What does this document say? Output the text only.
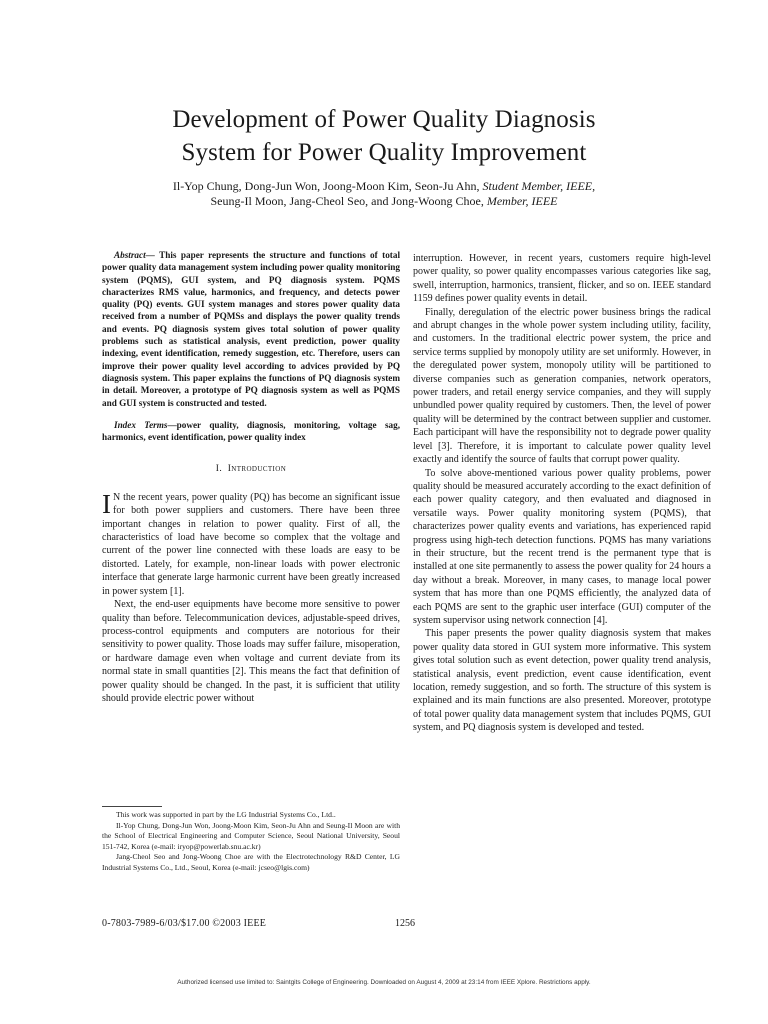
Development of Power Quality Diagnosis
System for Power Quality Improvement
Il-Yop Chung, Dong-Jun Won, Joong-Moon Kim, Seon-Ju Ahn, Student Member, IEEE,
Seung-Il Moon, Jang-Cheol Seo, and Jong-Woong Choe, Member, IEEE

Abstract— This paper represents the structure and functions of total power quality data management system including power quality monitoring system (PQMS), GUI system, and PQ diagnosis system. PQMS characterizes RMS value, harmonics, and frequency, and detects power quality (PQ) events. GUI system manages and stores power quality data received from a number of PQMSs and displays the power quality trends and events. PQ diagnosis system gives total solution of power quality problems such as statistical analysis, event prediction, power quality indexing, event identification, remedy suggestion, etc. Therefore, users can improve their power quality level according to advices provided by PQ diagnosis system. This paper explains the functions of PQ diagnosis system in detail. Moreover, a prototype of PQ diagnosis system as well as PQMS and GUI system is constructed and tested.

Index Terms—power quality, diagnosis, monitoring, voltage sag, harmonics, event identification, power quality index

I. Introduction

I N the recent years, power quality (PQ) has become an significant issue for both power suppliers and customers. There have been three important changes in relation to power quality. First of all, the characteristics of load have become so complex that the voltage and current of the power line connected with these loads are easy to be distorted. Lately, for example, non-linear loads with power electronic interface that generate large harmonic current have been greatly increased in power system [1].

Next, the end-user equipments have become more sensitive to power quality than before. Telecommunication devices, adjustable-speed drives, process-control equipments and computers are notorious for their sensitivity to power quality. Those loads may suffer failure, misoperation, or hardware damage even when voltage and current deviate from its normal state in small quantities [2]. This means the fact that definition of power quality should be changed. In the past, it is sufficient that utility should provide electric power without

interruption. However, in recent years, customers require high-level power quality, so power quality encompasses various categories like sag, swell, interruption, harmonics, transient, flicker, and so on. IEEE standard 1159 defines power quality events in detail.

Finally, deregulation of the electric power business brings the radical and abrupt changes in the whole power system including utility, facility, and customers. In the traditional electric power system, the price and service terms supplied by monopoly utility are set uniformly. However, in the deregulated power system, monopoly utility will be partitioned to diverse companies such as generation companies, network operators, power traders, and retail energy service companies, and they will supply unbundled power quality required by customers. Then, the level of power quality will be determined by the contract between supplier and customer. Each participant will have the responsibility not to degrade power quality level [3]. Therefore, it is important to calculate power quality level exactly and identify the source of faults that corrupt power quality.

To solve above-mentioned various power quality problems, power quality should be measured accurately according to the exact definition of each power quality category, and then evaluated and diagnosed in versatile ways. Power quality monitoring system (PQMS), that characterizes power quality events and variations, has experienced rapid progress using high-tech detection functions. PQMS has many variations in their structure, but the recent trend is the permanent type that is installed at one site permanently to assess the power quality for 24 hours a day without a break. Moreover, in many cases, to manage local power system that has more than one PQMS efficiently, the analyzed data of each PQMS are sent to the graphic user interface (GUI) computer of the system supervisor using network connection [4].

This paper presents the power quality diagnosis system that makes power quality data stored in GUI system more informative. This system gives total solution such as event detection, power quality trend analysis, statistical analysis, event prediction, event cause identification, event location, remedy suggestion, and so forth. The structure of this system is explained and its main functions are also presented. Moreover, prototype of total power quality data management system that includes PQMS, GUI system, and PQ diagnosis system is developed and tested.

This work was supported in part by the LG Industrial Systems Co., Ltd..

Il-Yop Chung, Dong-Jun Won, Joong-Moon Kim, Seon-Ju Ahn and Seung-Il Moon are with the School of Electrical Engineering and Computer Science, Seoul National University, Seoul 151-742, Korea (e-mail: iryop@powerlab.snu.ac.kr)

Jang-Cheol Seo and Jong-Woong Choe are with the Electrotechnology R&D Center, LG Industrial Systems Co., Ltd., Seoul, Korea (e-mail: jcseo@lgis.com)

0-7803-7989-6/03/$17.00 ©2003 IEEE	1256
Authorized licensed use limited to: Saintgits College of Engineering. Downloaded on August 4, 2009 at 23:14 from IEEE Xplore. Restrictions apply.
